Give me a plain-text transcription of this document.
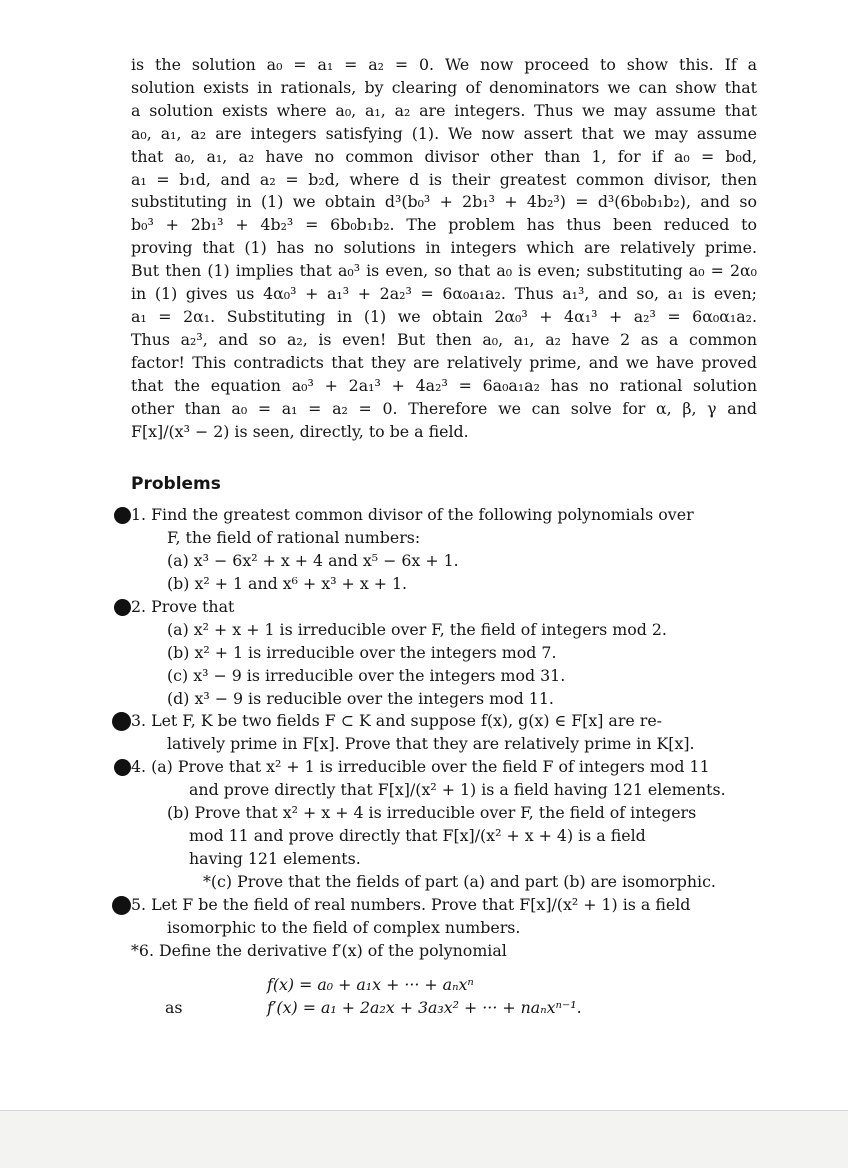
is the solution a₀ = a₁ = a₂ = 0. We now proceed to show this. If a
solution exists in rationals, by clearing of denominators we can show that
a solution exists where a₀, a₁, a₂ are integers. Thus we may assume that
a₀, a₁, a₂ are integers satisfying (1). We now assert that we may assume
that a₀, a₁, a₂ have no common divisor other than 1, for if a₀ = b₀d,
a₁ = b₁d, and a₂ = b₂d, where d is their greatest common divisor, then
substituting in (1) we obtain d³(b₀³ + 2b₁³ + 4b₂³) = d³(6b₀b₁b₂), and so
b₀³ + 2b₁³ + 4b₂³ = 6b₀b₁b₂. The problem has thus been reduced to
proving that (1) has no solutions in integers which are relatively prime.
But then (1) implies that a₀³ is even, so that a₀ is even; substituting a₀ = 2α₀
in (1) gives us 4α₀³ + a₁³ + 2a₂³ = 6α₀a₁a₂. Thus a₁³, and so, a₁ is even;
a₁ = 2α₁. Substituting in (1) we obtain 2α₀³ + 4α₁³ + a₂³ = 6α₀α₁a₂.
Thus a₂³, and so a₂, is even! But then a₀, a₁, a₂ have 2 as a common
factor! This contradicts that they are relatively prime, and we have proved
that the equation a₀³ + 2a₁³ + 4a₂³ = 6a₀a₁a₂ has no rational solution
other than a₀ = a₁ = a₂ = 0. Therefore we can solve for α, β, γ and
F[x]/(x³ − 2) is seen, directly, to be a field.
Problems
1. Find the greatest common divisor of the following polynomials over
F, the field of rational numbers:
(a) x³ − 6x² + x + 4 and x⁵ − 6x + 1.
(b) x² + 1 and x⁶ + x³ + x + 1.
2. Prove that
(a) x² + x + 1 is irreducible over F, the field of integers mod 2.
(b) x² + 1 is irreducible over the integers mod 7.
(c) x³ − 9 is irreducible over the integers mod 31.
(d) x³ − 9 is reducible over the integers mod 11.
3. Let F, K be two fields F ⊂ K and suppose f(x), g(x) ∈ F[x] are re-
latively prime in F[x]. Prove that they are relatively prime in K[x].
4. (a) Prove that x² + 1 is irreducible over the field F of integers mod 11
and prove directly that F[x]/(x² + 1) is a field having 121 elements.
(b) Prove that x² + x + 4 is irreducible over F, the field of integers
mod 11 and prove directly that F[x]/(x² + x + 4) is a field
having 121 elements.
*(c) Prove that the fields of part (a) and part (b) are isomorphic.
5. Let F be the field of real numbers. Prove that F[x]/(x² + 1) is a field
isomorphic to the field of complex numbers.
*6. Define the derivative f′(x) of the polynomial
f(x) = a₀ + a₁x + ··· + aₙxⁿ
as	f′(x) = a₁ + 2a₂x + 3a₃x² + ··· + naₙxⁿ⁻¹.
